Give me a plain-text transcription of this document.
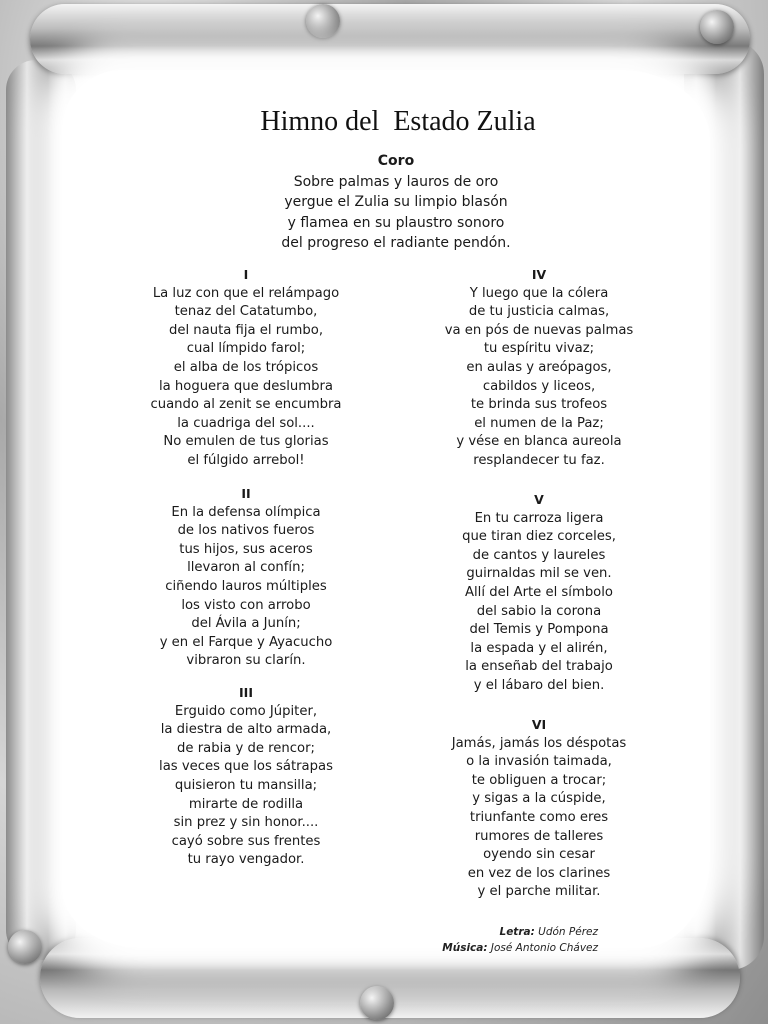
Himno del  Estado Zulia
Coro
Sobre palmas y lauros de oro
yergue el Zulia su limpio blasón
y flamea en su plaustro sonoro
del progreso el radiante pendón.
I
La luz con que el relámpago
tenaz del Catatumbo,
del nauta fija el rumbo,
cual límpido farol;
el alba de los trópicos
la hoguera que deslumbra
cuando al zenit se encumbra
la cuadriga del sol....
No emulen de tus glorias
el fúlgido arrebol!
II
En la defensa olímpica
de los nativos fueros
tus hijos, sus aceros
llevaron al confín;
ciñendo lauros múltiples
los visto con arrobo
del Ávila a Junín;
y en el Farque y Ayacucho
vibraron su clarín.
III
Erguido como Júpiter,
la diestra de alto armada,
de rabia y de rencor;
las veces que los sátrapas
quisieron tu mansilla;
mirarte de rodilla
sin prez y sin honor....
cayó sobre sus frentes
tu rayo vengador.
IV
Y luego que la cólera
de tu justicia calmas,
va en pós de nuevas palmas
tu espíritu vivaz;
en aulas y areópagos,
cabildos y liceos,
te brinda sus trofeos
el numen de la Paz;
y vése en blanca aureola
resplandecer tu faz.
V
En tu carroza ligera
que tiran diez corceles,
de cantos y laureles
guirnaldas mil se ven.
Allí del Arte el símbolo
del sabio la corona
del Temis y Pompona
la espada y el alirén,
la enseñab del trabajo
y el lábaro del bien.
VI
Jamás, jamás los déspotas
o la invasión taimada,
te obliguen a trocar;
y sigas a la cúspide,
triunfante como eres
rumores de talleres
oyendo sin cesar
en vez de los clarines
y el parche militar.
Letra: Udón Pérez
Música: José Antonio Chávez
